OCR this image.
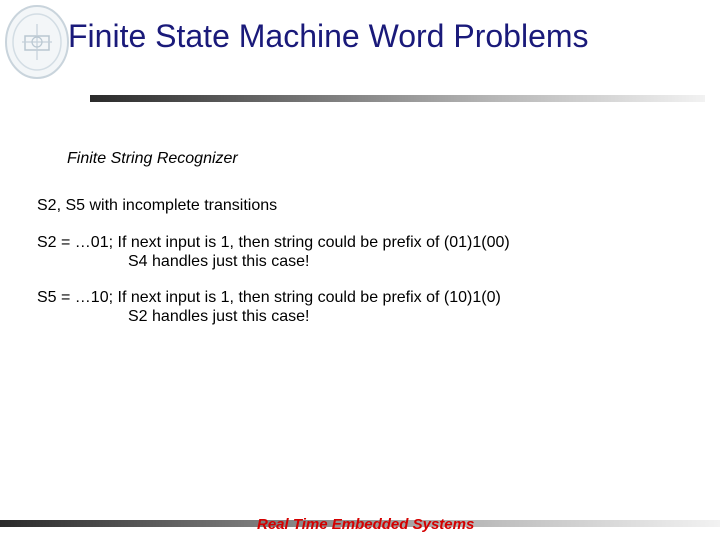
Finite State Machine Word Problems
Finite String Recognizer
S2, S5 with incomplete transitions
S2 = …01; If next input is 1, then string could be prefix of (01)1(00)
S4 handles just this case!
S5 = …10; If next input is 1, then string could be prefix of (10)1(0)
S2 handles just this case!
Real Time Embedded Systems
